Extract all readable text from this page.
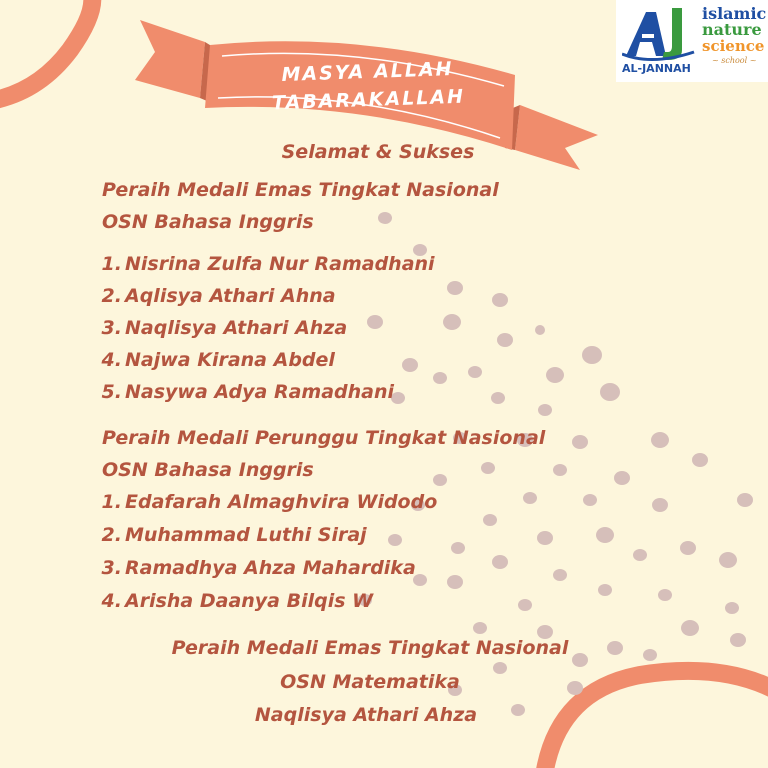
MASYA ALLAH
TABARAKALLAH

AL-JANNAH
islamic
nature
science
~ school ~

Selamat & Sukses

Peraih Medali Emas Tingkat Nasional

OSN Bahasa Inggris

1. Nisrina Zulfa Nur Ramadhani

2. Aqlisya Athari Ahna

3. Naqlisya Athari Ahza

4. Najwa Kirana Abdel

5. Nasywa Adya Ramadhani

Peraih Medali Perunggu Tingkat Nasional

OSN Bahasa Inggris

1. Edafarah Almaghvira Widodo

2. Muhammad Luthi Siraj

3. Ramadhya Ahza Mahardika

4. Arisha Daanya Bilqis W

Peraih Medali Emas Tingkat Nasional

OSN Matematika

Naqlisya Athari Ahza
